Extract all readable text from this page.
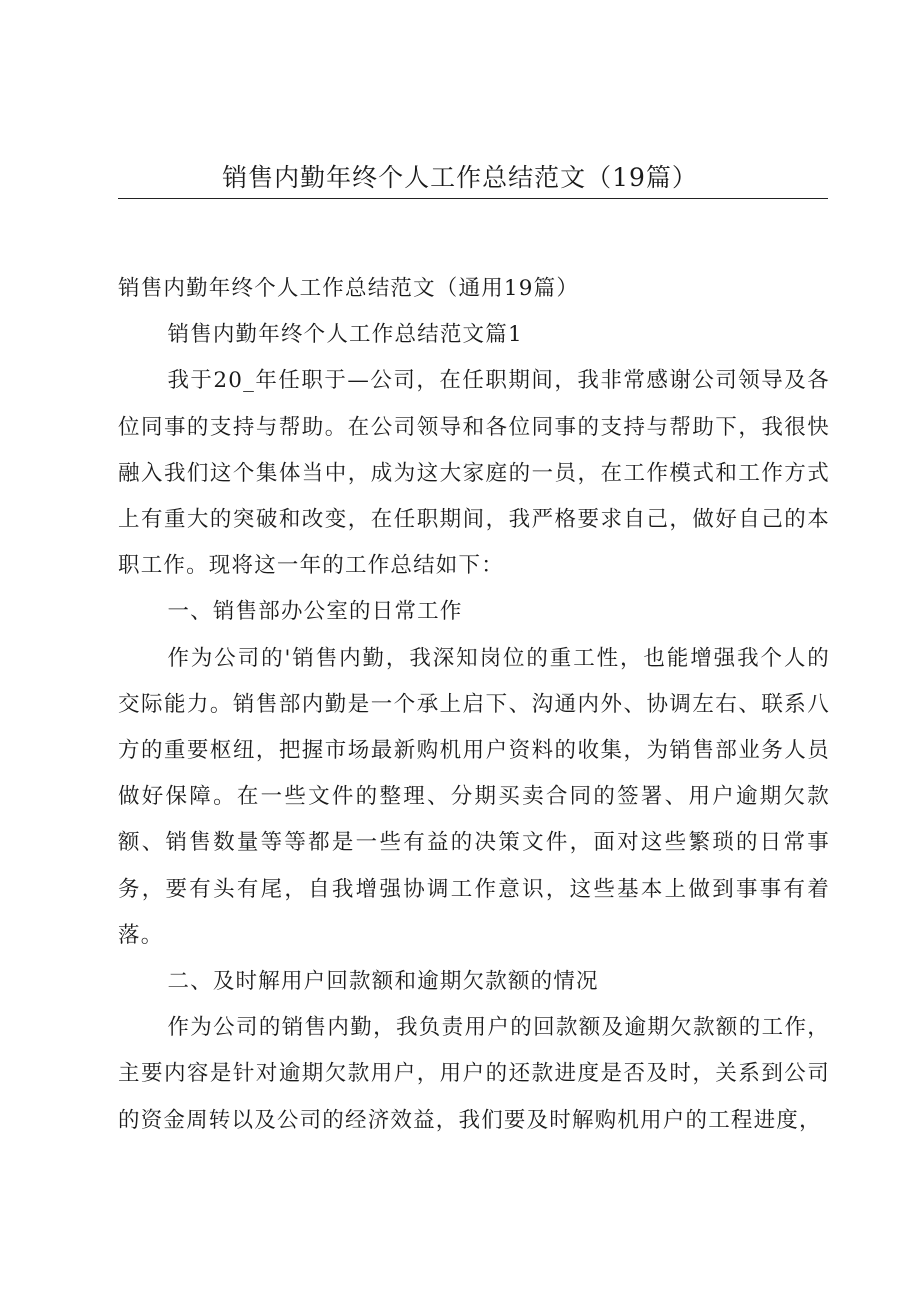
销售内勤年终个人工作总结范文（19篇）

销售内勤年终个人工作总结范文（通用19篇）

销售内勤年终个人工作总结范文篇1

我于20_年任职于—公司，在任职期间，我非常感谢公司领导及各位同事的支持与帮助。在公司领导和各位同事的支持与帮助下，我很快融入我们这个集体当中，成为这大家庭的一员，在工作模式和工作方式上有重大的突破和改变，在任职期间，我严格要求自己，做好自己的本职工作。现将这一年的工作总结如下：

一、销售部办公室的日常工作

作为公司的'销售内勤，我深知岗位的重工性，也能增强我个人的交际能力。销售部内勤是一个承上启下、沟通内外、协调左右、联系八方的重要枢纽，把握市场最新购机用户资料的收集，为销售部业务人员做好保障。在一些文件的整理、分期买卖合同的签署、用户逾期欠款额、销售数量等等都是一些有益的决策文件，面对这些繁琐的日常事务，要有头有尾，自我增强协调工作意识，这些基本上做到事事有着落。

二、及时解用户回款额和逾期欠款额的情况

作为公司的销售内勤，我负责用户的回款额及逾期欠款额的工作，主要内容是针对逾期欠款用户，用户的还款进度是否及时，关系到公司的资金周转以及公司的经济效益，我们要及时解购机用户的工程进度，
